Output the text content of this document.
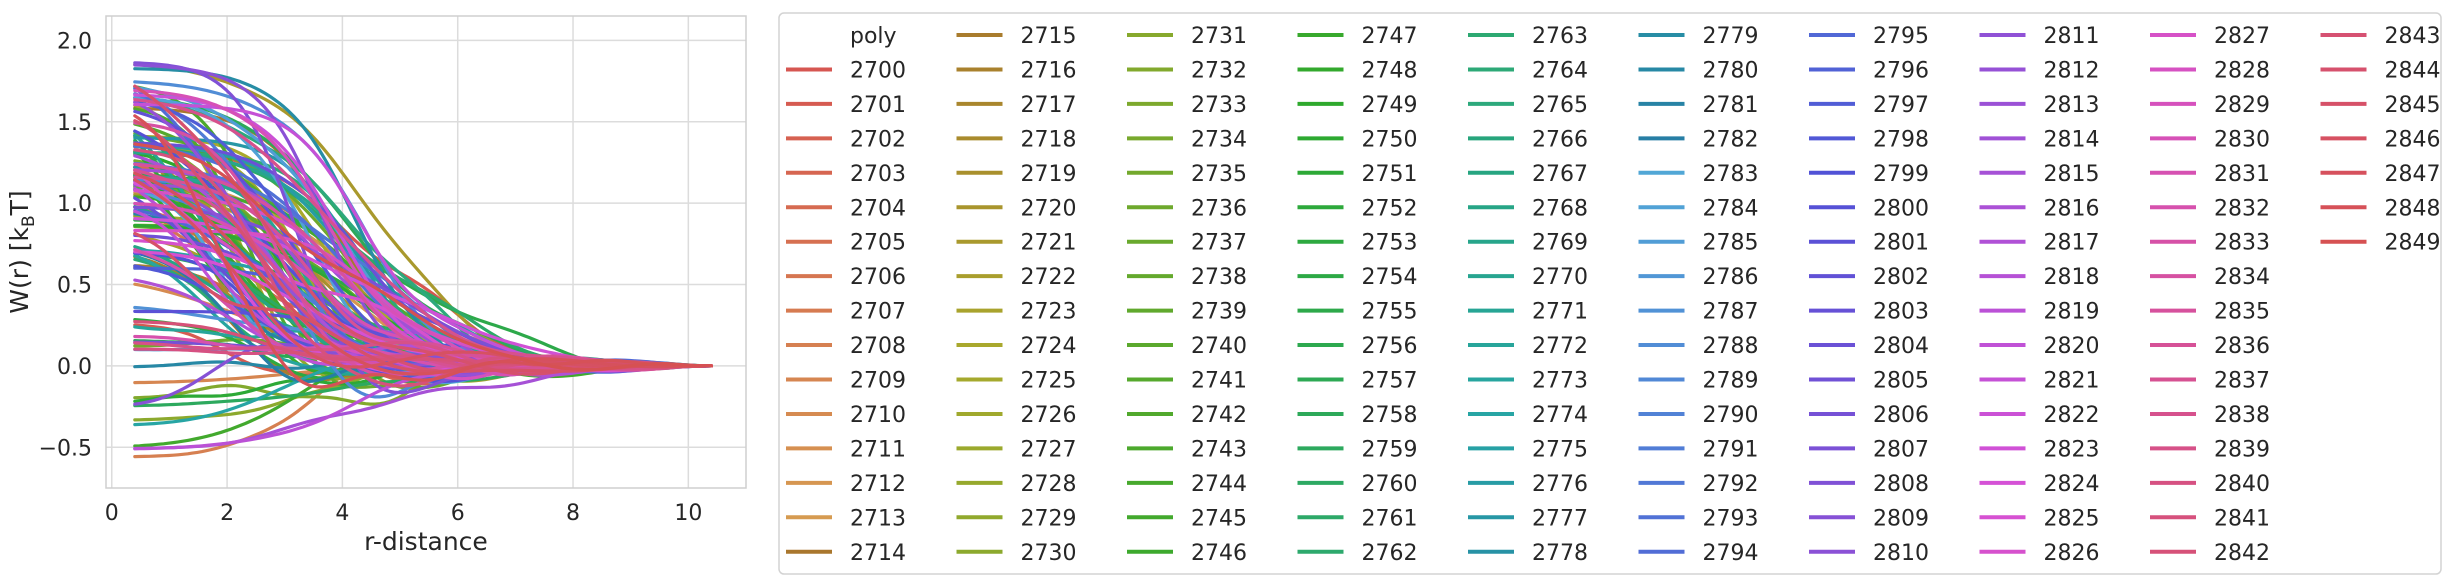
0	2	4	6	8	10
−0.5
0.0
0.5
1.0
1.5
2.0
r-distance
W(r) $[k_BT]$
poly
2700
2701
2702
2703
2704
2705
2706
2707
2708
2709
2710
2711
2712
2713
2714
2715
2716
2717
2718
2719
2720
2721
2722
2723
2724
2725
2726
2727
2728
2729
2730
2731
2732
2733
2734
2735
2736
2737
2738
2739
2740
2741
2742
2743
2744
2745
2746
2747
2748
2749
2750
2751
2752
2753
2754
2755
2756
2757
2758
2759
2760
2761
2762
2763
2764
2765
2766
2767
2768
2769
2770
2771
2772
2773
2774
2775
2776
2777
2778
2779
2780
2781
2782
2783
2784
2785
2786
2787
2788
2789
2790
2791
2792
2793
2794
2795
2796
2797
2798
2799
2800
2801
2802
2803
2804
2805
2806
2807
2808
2809
2810
2811
2812
2813
2814
2815
2816
2817
2818
2819
2820
2821
2822
2823
2824
2825
2826
2827
2828
2829
2830
2831
2832
2833
2834
2835
2836
2837
2838
2839
2840
2841
2842
2843
2844
2845
2846
2847
2848
2849
